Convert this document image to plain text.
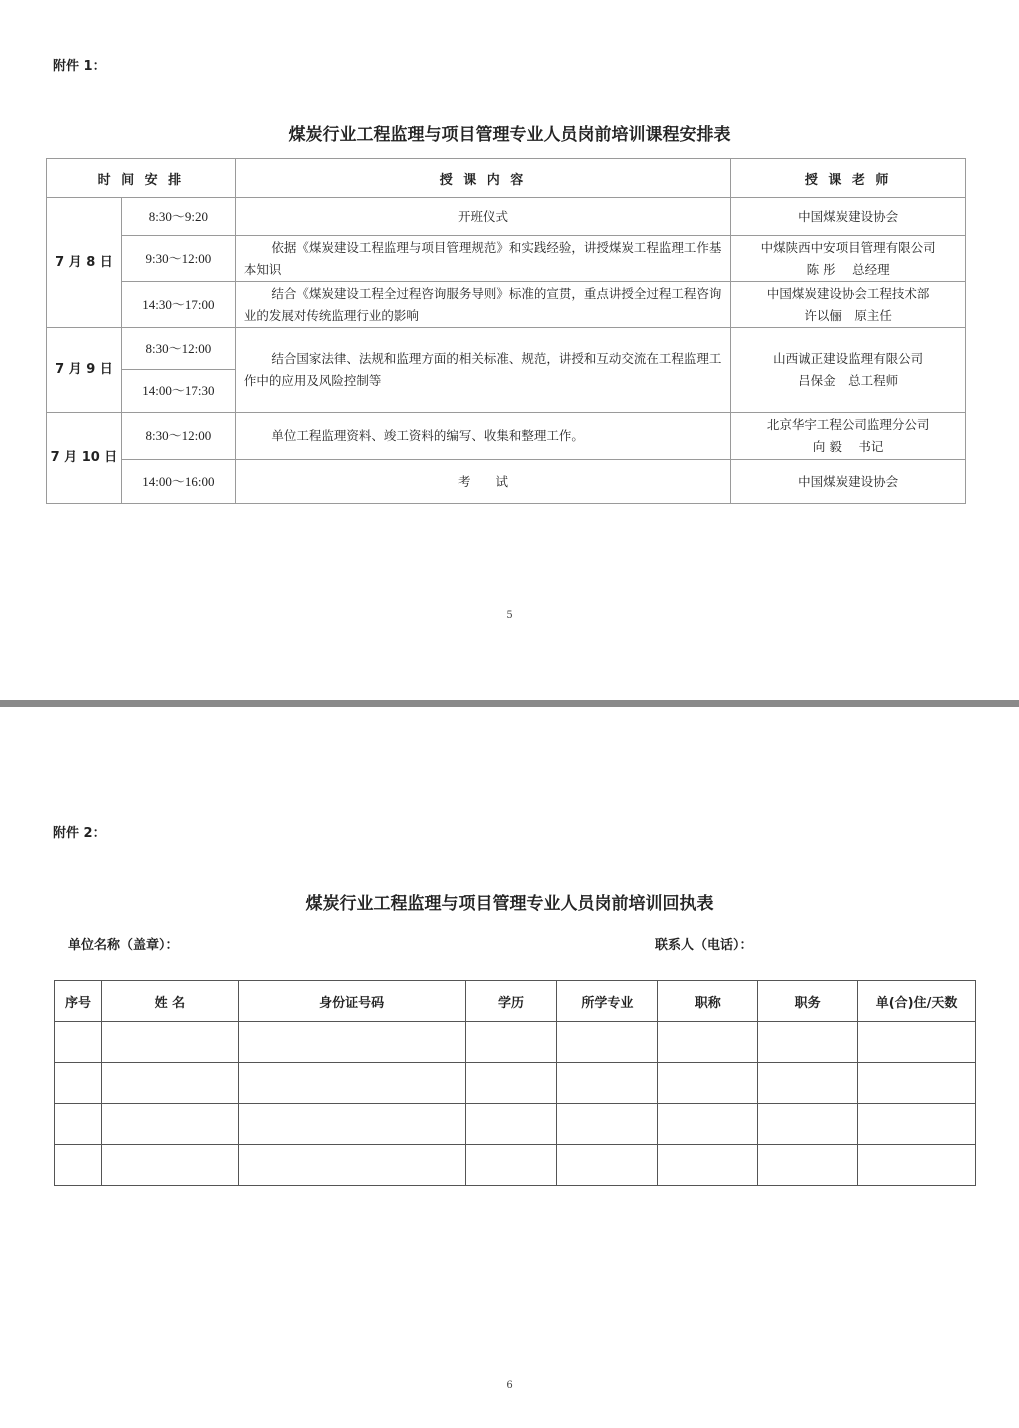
附件 1：
煤炭行业工程监理与项目管理专业人员岗前培训课程安排表
时 间 安 排		授 课 内 容	授 课 老 师
7 月 8 日	8:30～9:20	开班仪式	中国煤炭建设协会

	9:30～12:00	依据《煤炭建设工程监理与项目管理规范》和实践经验，讲授煤炭工程监理工作基本知识	中煤陕西中安项目管理有限公司
陈 彤　 总经理

	14:30～17:00	结合《煤炭建设工程全过程咨询服务导则》标准的宣贯，重点讲授全过程工程咨询业的发展对传统监理行业的影响	中国煤炭建设协会工程技术部
许以俪　原主任

7 月 9 日	8:30～12:00	结合国家法律、法规和监理方面的相关标准、规范，讲授和互动交流在工程监理工作中的应用及风险控制等	山西诚正建设监理有限公司
吕保金　总工程师

	14:00～17:30		
7 月 10 日	8:30～12:00	单位工程监理资料、竣工资料的编写、收集和整理工作。	北京华宇工程公司监理分公司
向 毅　 书记

	14:00～16:00	考　　试	中国煤炭建设协会
5
附件 2：
煤炭行业工程监理与项目管理专业人员岗前培训回执表
单位名称（盖章）：	联系人（电话）：
序号	姓 名	身份证号码	学历	所学专业	职称	职务	单(合)住/天数

6
